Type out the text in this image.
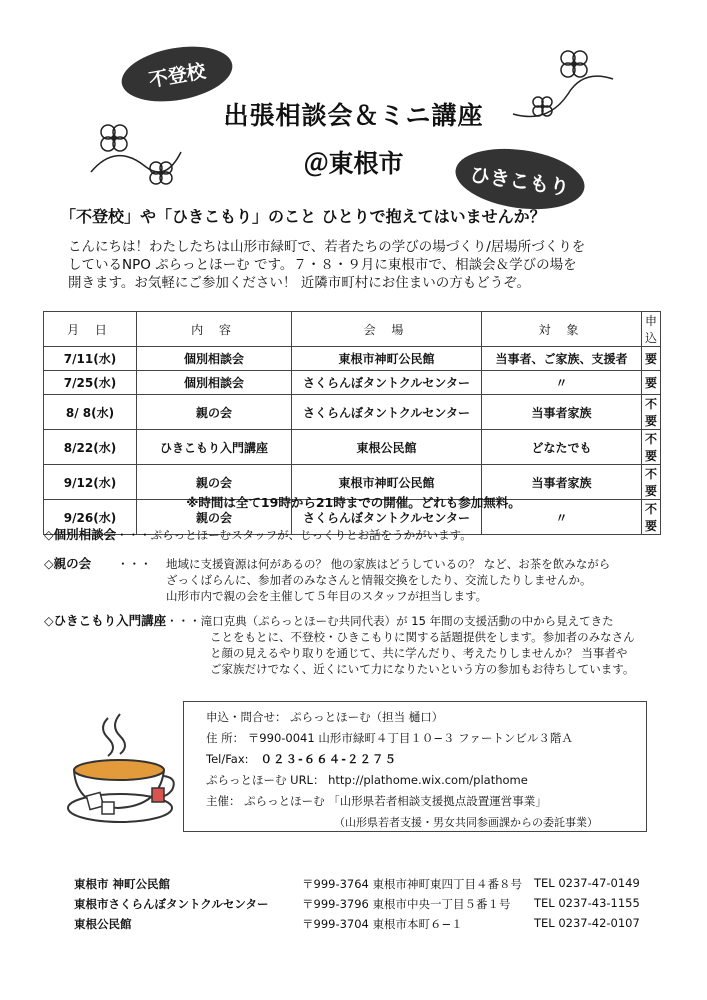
不登校
ひきこもり
出張相談会＆ミニ講座
＠東根市
「不登校」や「ひきこもり」のこと ひとりで抱えてはいませんか？
こんにちは！わたしたちは山形市緑町で、若者たちの学びの場づくり/居場所づくりを
しているNPO ぷらっとほーむ です。７・８・９月に東根市で、相談会＆学びの場を
開きます。お気軽にご参加ください！ 近隣市町村にお住まいの方もどうぞ。
月 日	内 容	会 場	対 象	申込
7/11(水)	個別相談会	東根市神町公民館	当事者、ご家族、支援者	要
7/25(水)	個別相談会	さくらんぼタントクルセンター	〃	要
8/ 8(水)	親の会	さくらんぼタントクルセンター	当事者家族	不要
8/22(水)	ひきこもり入門講座	東根公民館	どなたでも	不要
9/12(水)	親の会	東根市神町公民館	当事者家族	不要
9/26(水)	親の会	さくらんぼタントクルセンター	〃	不要
※時間は全て19時から21時までの開催。どれも参加無料。
◇個別相談会・・・ぷらっとほーむスタッフが、じっくりとお話をうかがいます。
◇親の会 ・・・ 地域に支援資源は何があるの？ 他の家族はどうしているの？ など、お茶を飲みながら
ざっくばらんに、参加者のみなさんと情報交換をしたり、交流したりしませんか。
山形市内で親の会を主催して５年目のスタッフが担当します。
◇ひきこもり入門講座・・・滝口克典（ぷらっとほーむ共同代表）が 15 年間の支援活動の中から見えてきた
ことをもとに、不登校・ひきこもりに関する話題提供をします。参加者のみなさん
と顔の見えるやり取りを通じて、共に学んだり、考えたりしませんか？ 当事者や
ご家族だけでなく、近くにいて力になりたいという方の参加もお待ちしています。
申込・問合せ： ぷらっとほーむ（担当 樋口）
住 所： 〒990-0041 山形市緑町４丁目１０−３ ファートンビル３階Ａ
Tel/Fax: ０２３-６６４-２２７５
ぷらっとほーむ URL： http://plathome.wix.com/plathome
主催： ぷらっとほーむ 「山形県若者相談支援拠点設置運営事業」
（山形県若者支援・男女共同参画課からの委託事業）
東根市 神町公民館	〒999-3764 東根市神町東四丁目４番８号 TEL 0237-47-0149
東根市さくらんぼタントクルセンター	〒999-3796 東根市中央一丁目５番１号 TEL 0237-43-1155
東根公民館	〒999-3704 東根市本町６−１	TEL 0237-42-0107
